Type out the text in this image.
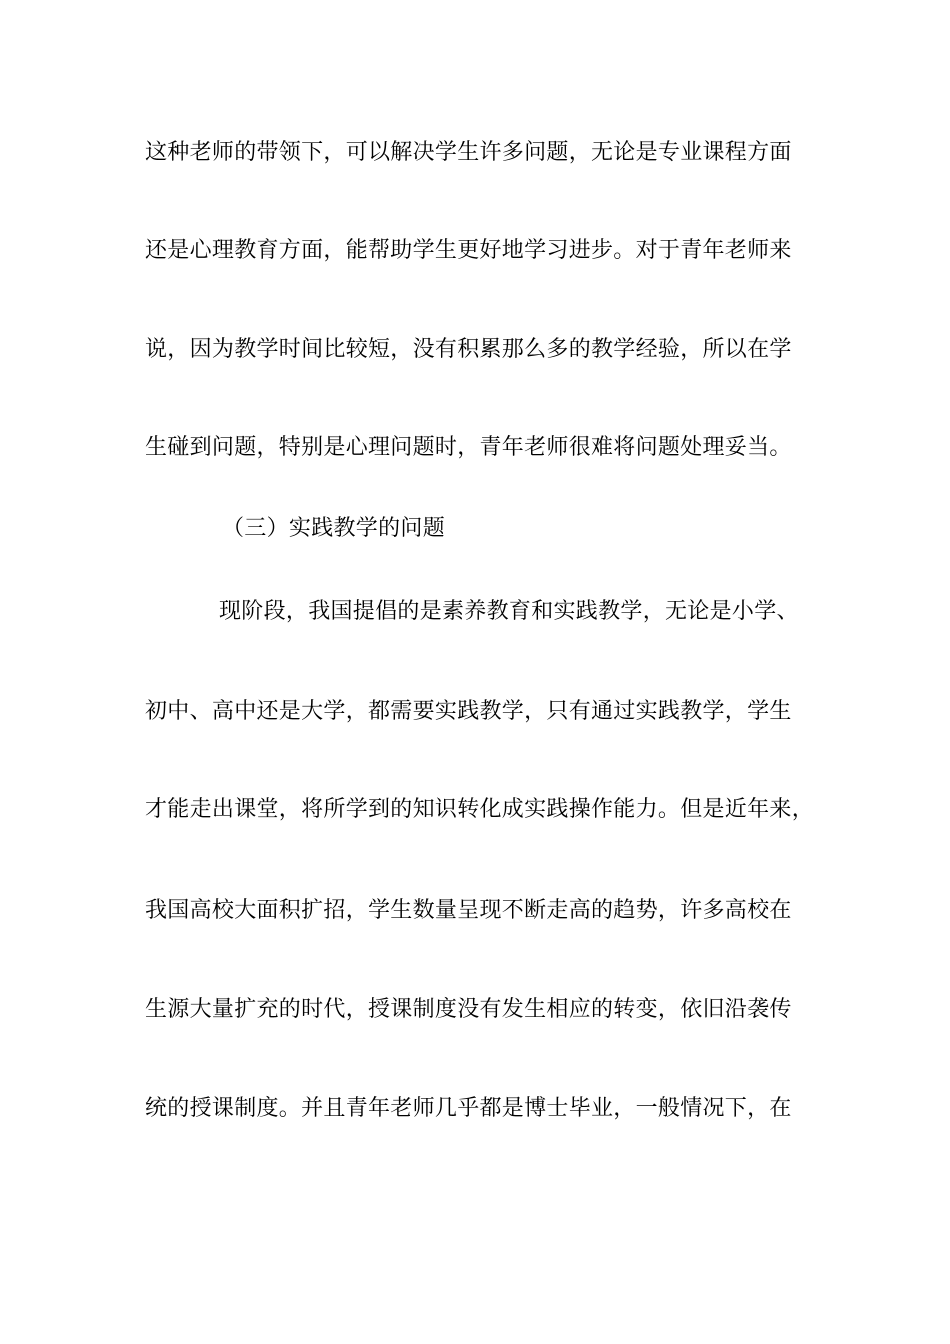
这种老师的带领下，可以解决学生许多问题，无论是专业课程方面
还是心理教育方面，能帮助学生更好地学习进步。对于青年老师来
说，因为教学时间比较短，没有积累那么多的教学经验，所以在学
生碰到问题，特别是心理问题时，青年老师很难将问题处理妥当。
（三）实践教学的问题
现阶段，我国提倡的是素养教育和实践教学，无论是小学、
初中、高中还是大学，都需要实践教学，只有通过实践教学，学生
才能走出课堂，将所学到的知识转化成实践操作能力。但是近年来，
我国高校大面积扩招，学生数量呈现不断走高的趋势，许多高校在
生源大量扩充的时代，授课制度没有发生相应的转变，依旧沿袭传
统的授课制度。并且青年老师几乎都是博士毕业，一般情况下，在
